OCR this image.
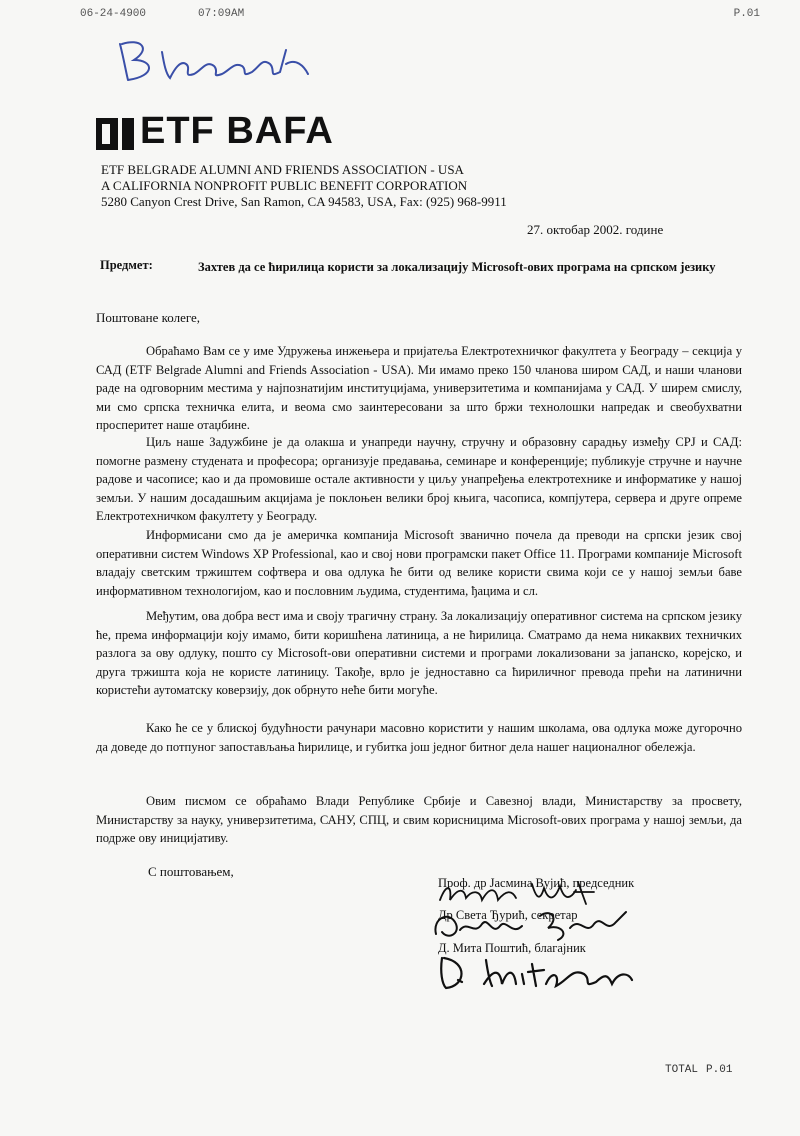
06-24-4900	07:09AM	P.01
ETF BAFA
ETF BELGRADE ALUMNI AND FRIENDS ASSOCIATION - USA
A CALIFORNIA NONPROFIT PUBLIC BENEFIT CORPORATION
5280 Canyon Crest Drive, San Ramon, CA 94583, USA, Fax: (925) 968-9911
27. октобар 2002. године
Предмет:	Захтев да се ћирилица користи за локализацију Microsoft-ових програма на српском језику
Поштоване колеге,
Обраћамо Вам се у име Удружења инжењера и пријатеља Електротехничког факултета у Београду – секција у САД (ETF Belgrade Alumni and Friends Association - USA). Ми имамо преко 150 чланова широм САД, и наши чланови раде на одговорним местима у најпознатијим институцијама, универзитетима и компанијама у САД. У ширем смислу, ми смо српска техничка елита, и веома смо заинтересовани за што бржи технолошки напредак и свеобухватни просперитет наше отаџбине.
Циљ наше Задужбине је да олакша и унапреди научну, стручну и образовну сарадњу између СРЈ и САД: помогне размену студената и професора; организује предавања, семинаре и конференције; публикује стручне и научне радове и часописе; као и да промовише остале активности у циљу унапређења електротехнике и информатике у нашој земљи. У нашим досадашњим акцијама је поклоњен велики број књига, часописа, компјутера, сервера и друге опреме Електротехничком факултету у Београду.
Информисани смо да је америчка компанија Microsoft званично почела да преводи на српски језик свој оперативни систем Windows XP Professional, као и свој нови програмски пакет Office 11. Програми компаније Microsoft владају светским тржиштем софтвера и ова одлука ће бити од велике користи свима који се у нашој земљи баве информативном технологијом, као и пословним људима, студентима, ђацима и сл.
Међутим, ова добра вест има и своју трагичну страну. За локализацију оперативног система на српском језику ће, према информацији коју имамо, бити коришћена латиница, а не ћирилица. Сматрамо да нема никаквих техничких разлога за ову одлуку, пошто су Microsoft-ови оперативни системи и програми локализовани за јапанско, корејско, и друга тржишта која не користе латиницу. Такође, врло је једноставно са ћириличног превода прећи на латинични користећи аутоматску коверзију, док обрнуто неће бити могуће.
Како ће се у блиској будућности рачунари масовно користити у нашим школама, ова одлука може дугорочно да доведе до потпуног запостављања ћирилице, и губитка још једног битног дела нашег националног обележја.
Овим писмом се обраћамо Влади Републике Србије и Савезној влади, Министарству за просвету, Министарству за науку, универзитетима, САНУ, СПЦ, и свим корисницима Microsoft-ових програма у нашој земљи, да подрже ову иницијативу.
С поштовањем,
Проф. др Јасмина Вујић, председник
Др Света Ђурић, секретар
Д. Мита Поштић, благајник
TOTAL P.01
